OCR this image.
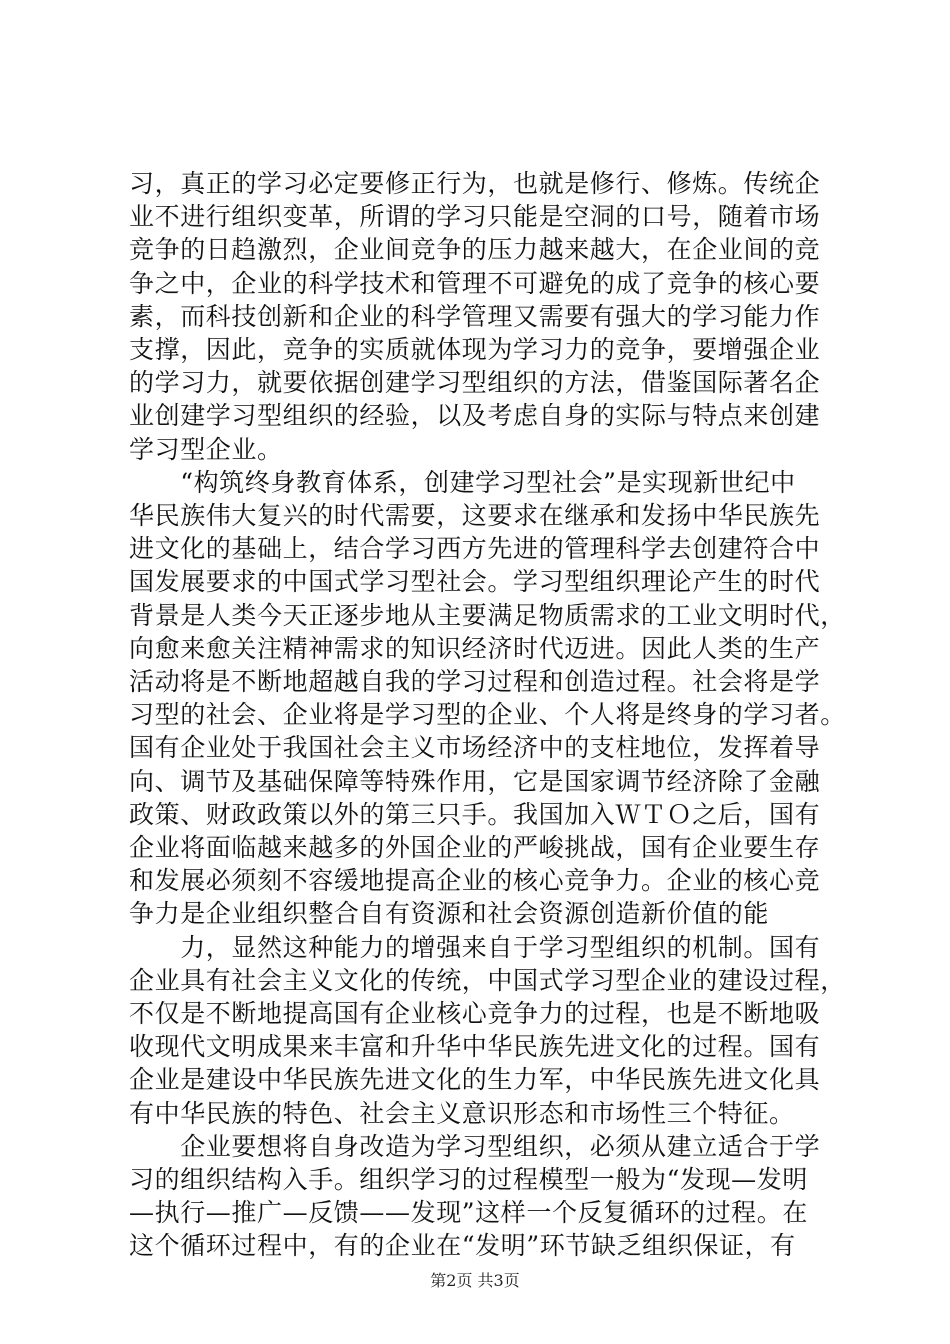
习，真正的学习必定要修正行为，也就是修行、修炼。传统企
业不进行组织变革，所谓的学习只能是空洞的口号，随着市场
竞争的日趋激烈，企业间竞争的压力越来越大，在企业间的竞
争之中，企业的科学技术和管理不可避免的成了竞争的核心要
素，而科技创新和企业的科学管理又需要有强大的学习能力作
支撑，因此，竞争的实质就体现为学习力的竞争，要增强企业
的学习力，就要依据创建学习型组织的方法，借鉴国际著名企
业创建学习型组织的经验，以及考虑自身的实际与特点来创建
学习型企业。
　　“构筑终身教育体系，创建学习型社会”是实现新世纪中
华民族伟大复兴的时代需要，这要求在继承和发扬中华民族先
进文化的基础上，结合学习西方先进的管理科学去创建符合中
国发展要求的中国式学习型社会。学习型组织理论产生的时代
背景是人类今天正逐步地从主要满足物质需求的工业文明时代，
向愈来愈关注精神需求的知识经济时代迈进。因此人类的生产
活动将是不断地超越自我的学习过程和创造过程。社会将是学
习型的社会、企业将是学习型的企业、个人将是终身的学习者。
国有企业处于我国社会主义市场经济中的支柱地位，发挥着导
向、调节及基础保障等特殊作用，它是国家调节经济除了金融
政策、财政政策以外的第三只手。我国加入ＷＴＯ之后，国有
企业将面临越来越多的外国企业的严峻挑战，国有企业要生存
和发展必须刻不容缓地提高企业的核心竞争力。企业的核心竞
争力是企业组织整合自有资源和社会资源创造新价值的能
　　力，显然这种能力的增强来自于学习型组织的机制。国有
企业具有社会主义文化的传统，中国式学习型企业的建设过程，
不仅是不断地提高国有企业核心竞争力的过程，也是不断地吸
收现代文明成果来丰富和升华中华民族先进文化的过程。国有
企业是建设中华民族先进文化的生力军，中华民族先进文化具
有中华民族的特色、社会主义意识形态和市场性三个特征。
　　企业要想将自身改造为学习型组织，必须从建立适合于学
习的组织结构入手。组织学习的过程模型一般为“发现—发明
—执行—推广—反馈——发现”这样一个反复循环的过程。在
这个循环过程中，有的企业在“发明”环节缺乏组织保证，有
第2页 共3页
